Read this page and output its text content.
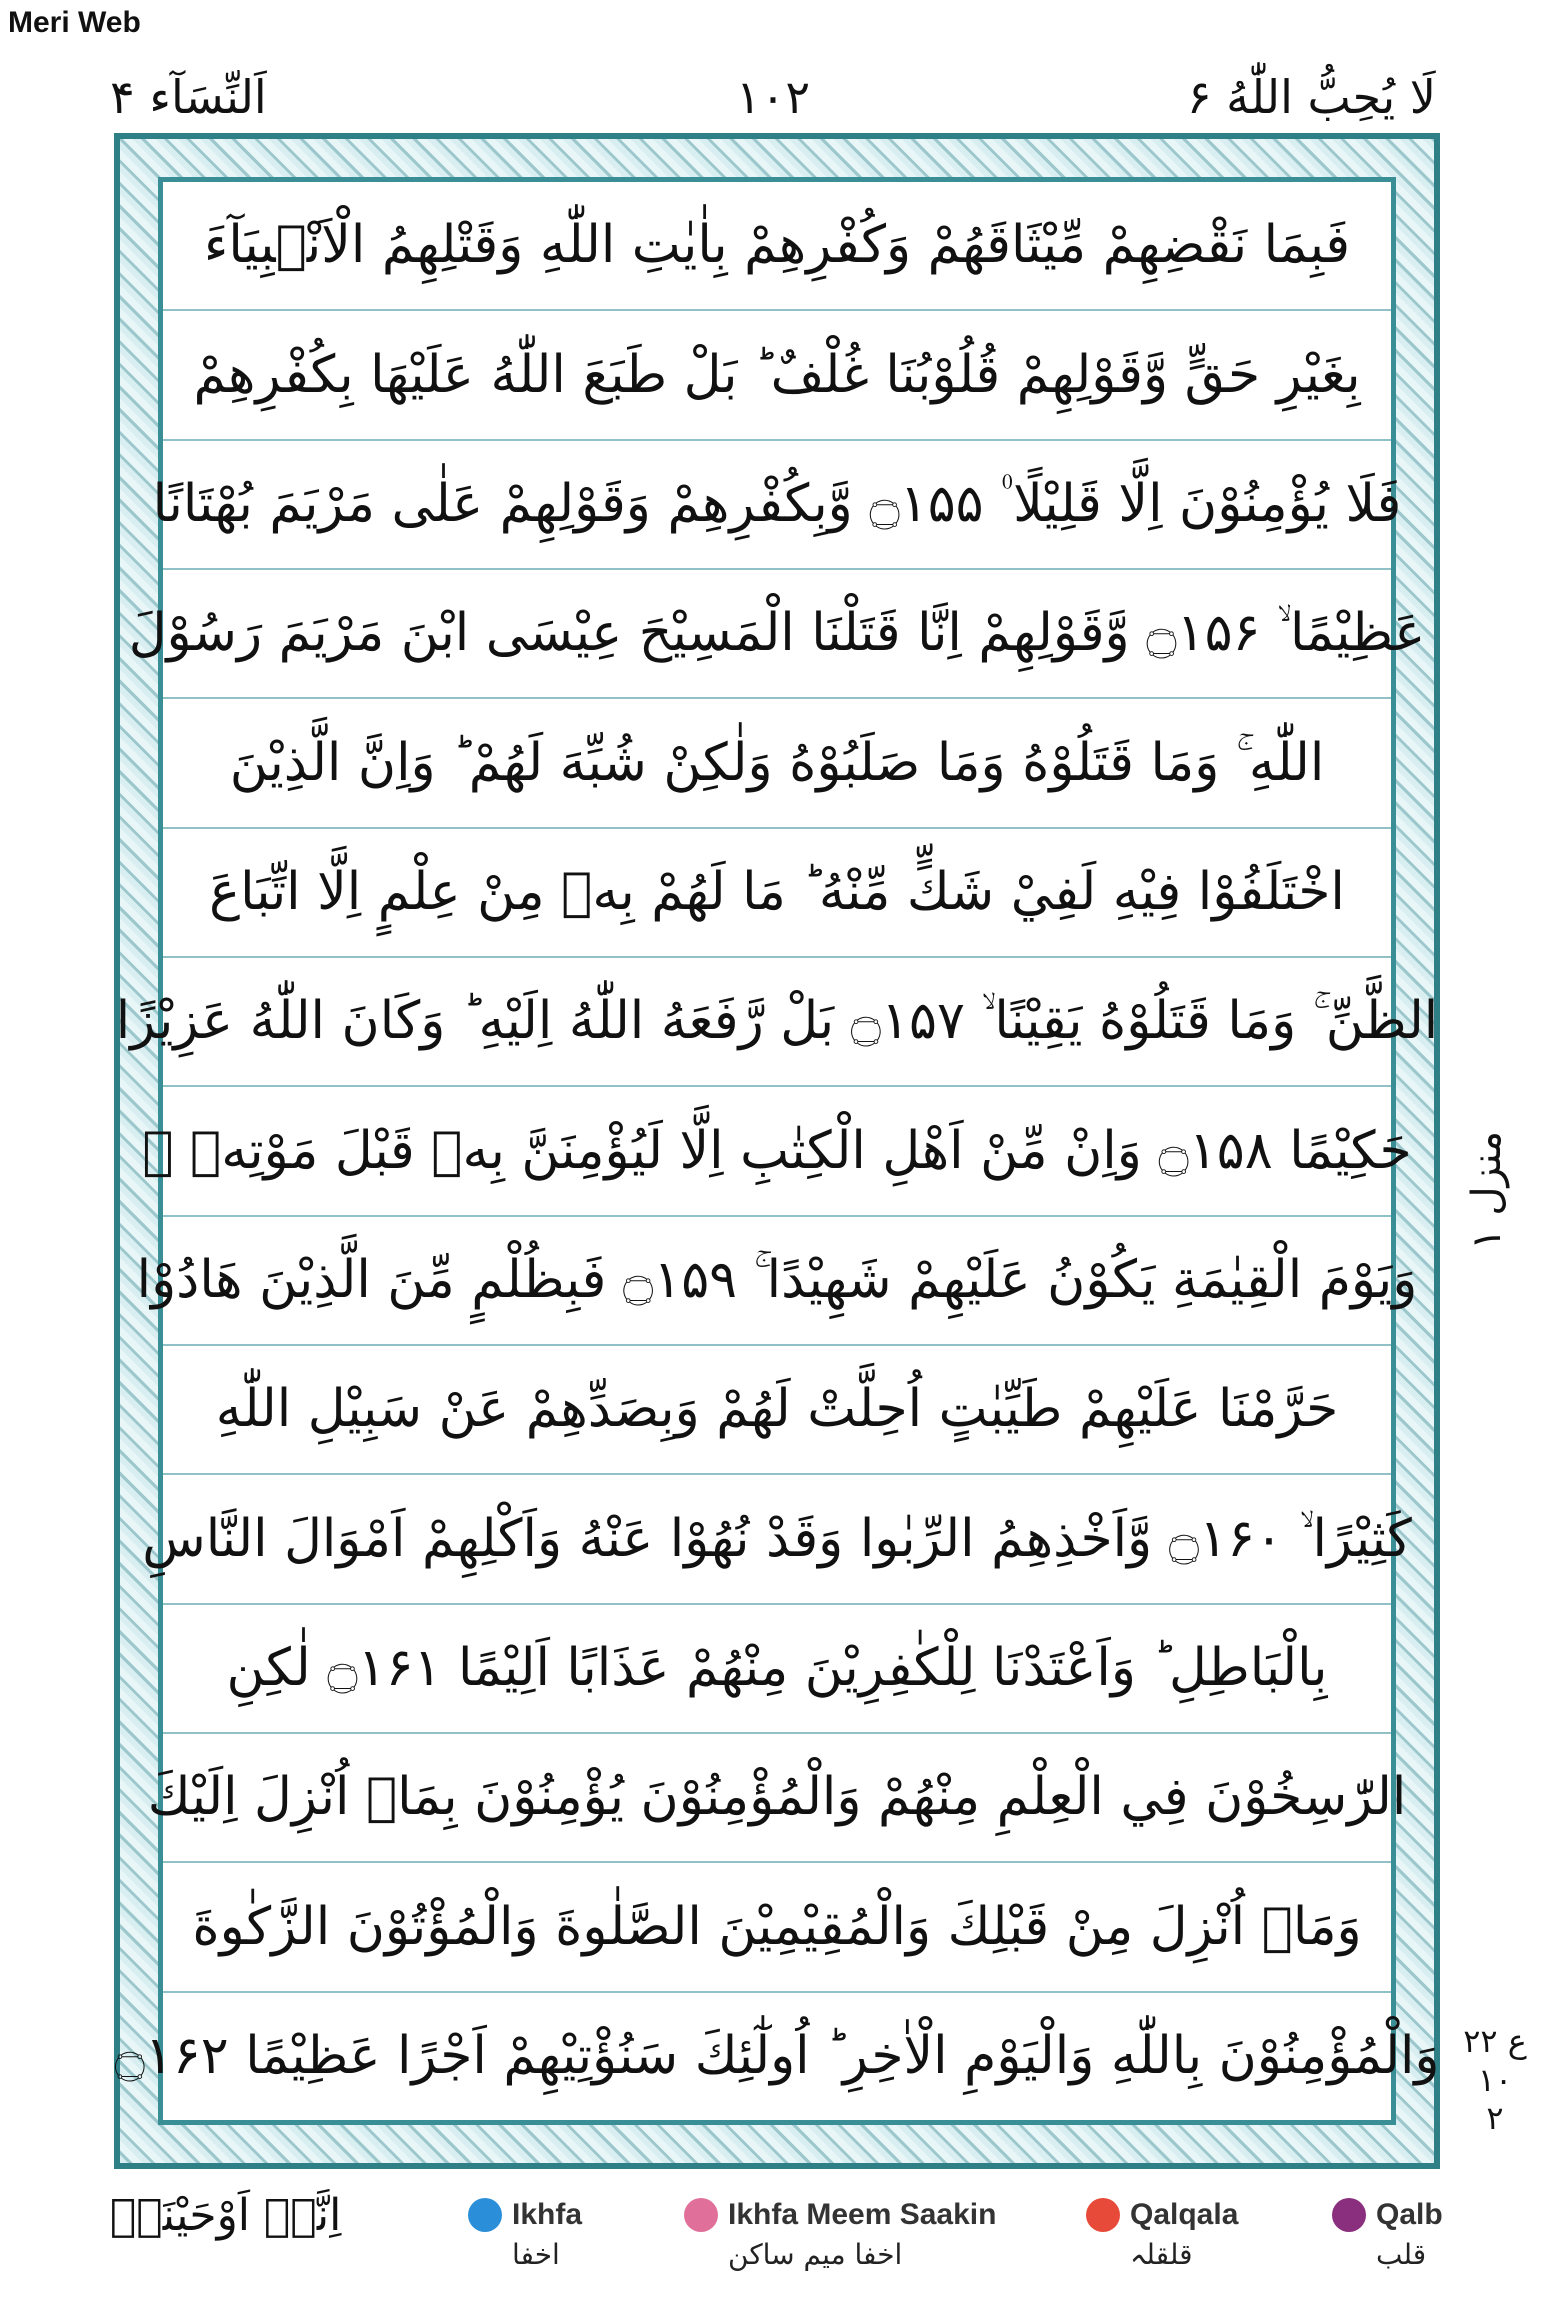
Meri Web
لَا يُحِبُّ اللّٰهُ ۶
۱۰۲
اَلنِّسَآء ۴
فَبِمَا نَقْضِهِمْ مِّيْثَاقَهُمْ وَكُفْرِهِمْ بِاٰيٰتِ اللّٰهِ وَقَتْلِهِمُ الْاَنْۢبِيَآءَ
بِغَيْرِ حَقٍّ وَّقَوْلِهِمْ قُلُوْبُنَا غُلْفٌ ؕ بَلْ طَبَعَ اللّٰهُ عَلَيْهَا بِكُفْرِهِمْ
فَلَا يُؤْمِنُوْنَ اِلَّا قَلِيْلًا ۠ ۝۱۵۵ وَّبِكُفْرِهِمْ وَقَوْلِهِمْ عَلٰى مَرْيَمَ بُهْتَانًا
عَظِيْمًا ۙ ۝۱۵۶ وَّقَوْلِهِمْ اِنَّا قَتَلْنَا الْمَسِيْحَ عِيْسَى ابْنَ مَرْيَمَ رَسُوْلَ
اللّٰهِ ۚ وَمَا قَتَلُوْهُ وَمَا صَلَبُوْهُ وَلٰكِنْ شُبِّهَ لَهُمْ ؕ وَاِنَّ الَّذِيْنَ
اخْتَلَفُوْا فِيْهِ لَفِيْ شَكٍّ مِّنْهُ ؕ مَا لَهُمْ بِهٖ مِنْ عِلْمٍ اِلَّا اتِّبَاعَ
الظَّنِّ ۚ وَمَا قَتَلُوْهُ يَقِيْنًا ۙ ۝۱۵۷ بَلْ رَّفَعَهُ اللّٰهُ اِلَيْهِ ؕ وَكَانَ اللّٰهُ عَزِيْزًا
حَكِيْمًا ۝۱۵۸ وَاِنْ مِّنْ اَهْلِ الْكِتٰبِ اِلَّا لَيُؤْمِنَنَّ بِهٖ قَبْلَ مَوْتِهٖ ۚ
وَيَوْمَ الْقِيٰمَةِ يَكُوْنُ عَلَيْهِمْ شَهِيْدًا ۚ ۝۱۵۹ فَبِظُلْمٍ مِّنَ الَّذِيْنَ هَادُوْا
حَرَّمْنَا عَلَيْهِمْ طَيِّبٰتٍ اُحِلَّتْ لَهُمْ وَبِصَدِّهِمْ عَنْ سَبِيْلِ اللّٰهِ
كَثِيْرًا ۙ ۝۱۶۰ وَّاَخْذِهِمُ الرِّبٰوا وَقَدْ نُهُوْا عَنْهُ وَاَكْلِهِمْ اَمْوَالَ النَّاسِ
بِالْبَاطِلِ ؕ وَاَعْتَدْنَا لِلْكٰفِرِيْنَ مِنْهُمْ عَذَابًا اَلِيْمًا ۝۱۶۱ لٰكِنِ
الرّٰسِخُوْنَ فِي الْعِلْمِ مِنْهُمْ وَالْمُؤْمِنُوْنَ يُؤْمِنُوْنَ بِمَاۤ اُنْزِلَ اِلَيْكَ
وَمَاۤ اُنْزِلَ مِنْ قَبْلِكَ وَالْمُقِيْمِيْنَ الصَّلٰوةَ وَالْمُؤْتُوْنَ الزَّكٰوةَ
وَالْمُؤْمِنُوْنَ بِاللّٰهِ وَالْيَوْمِ الْاٰخِرِ ؕ اُولٰٓئِكَ سَنُؤْتِيْهِمْ اَجْرًا عَظِيْمًا ۝۱۶۲
منزل ۱
ع ۲۲
۱۰
۲
اِنَّاۤ اَوْحَيْنَاۤ	Ikhfa
اخفا
Ikhfa Meem Saakin
اخفا میم ساکن
Qalqala
قلقلہ
Qalb
قلب
